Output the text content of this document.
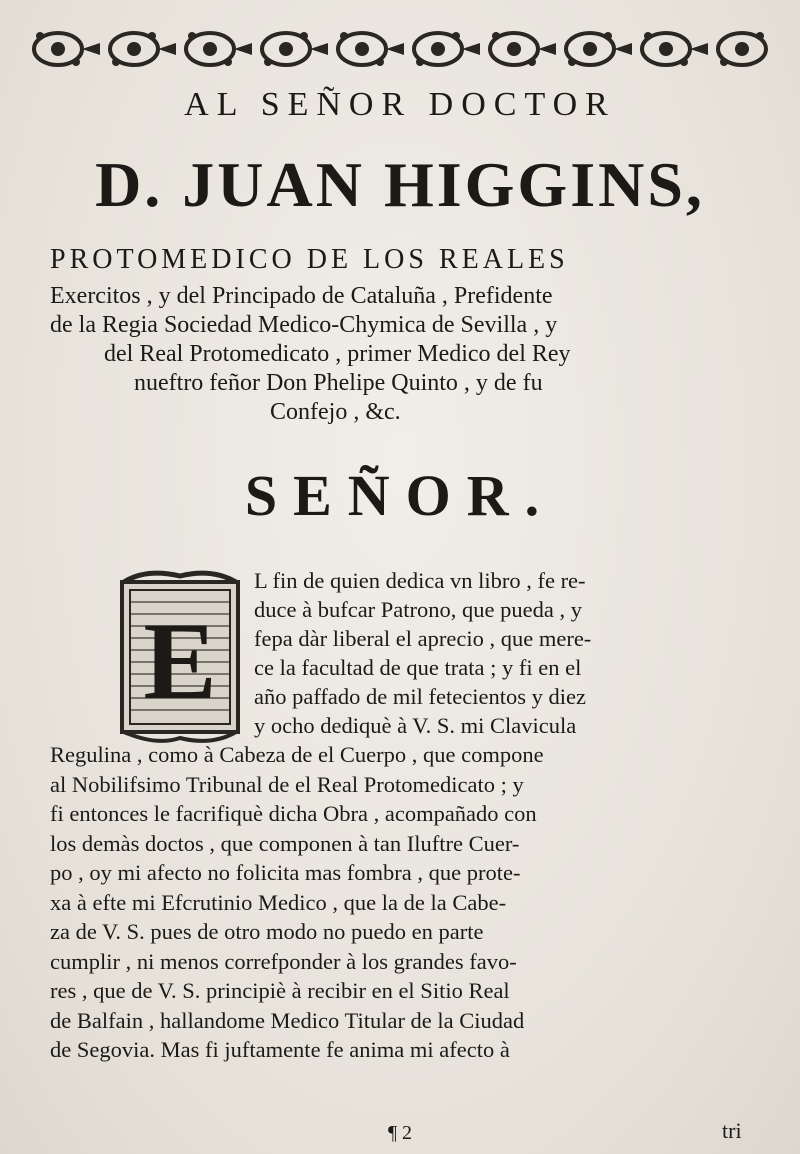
AL SEÑOR DOCTOR
D. JUAN HIGGINS,
PROTOMEDICO DE LOS REALES
Exercitos , y del Principado de Cataluña , Prefidente
de la Regia Sociedad Medico-Chymica de Sevilla , y
del Real Protomedicato , primer Medico del Rey
nueftro feñor Don Phelipe Quinto , y de fu
Confejo , &c.
SEÑOR.
E
L fin de quien dedica vn libro , fe re-
duce à bufcar Patrono, que pueda , y
fepa dàr liberal el aprecio , que mere-
ce la facultad de que trata ; y fi en el
año paffado de mil fetecientos y diez
y ocho dediquè à V. S. mi Clavicula
Regulina , como à Cabeza de el Cuerpo , que compone
al Nobilifsimo Tribunal de el Real Protomedicato ; y
fi entonces le facrifiquè dicha Obra , acompañado con
los demàs doctos , que componen à tan Iluftre Cuer-
po , oy mi afecto no folicita mas fombra , que prote-
xa à efte mi Efcrutinio Medico , que la de la Cabe-
za de V. S. pues de otro modo no puedo en parte
cumplir , ni menos correfponder à los grandes favo-
res , que de V. S. principiè à recibir en el Sitio Real
de Balfain , hallandome Medico Titular de la Ciudad
de Segovia. Mas fi juftamente fe anima mi afecto à
¶ 2	tri
